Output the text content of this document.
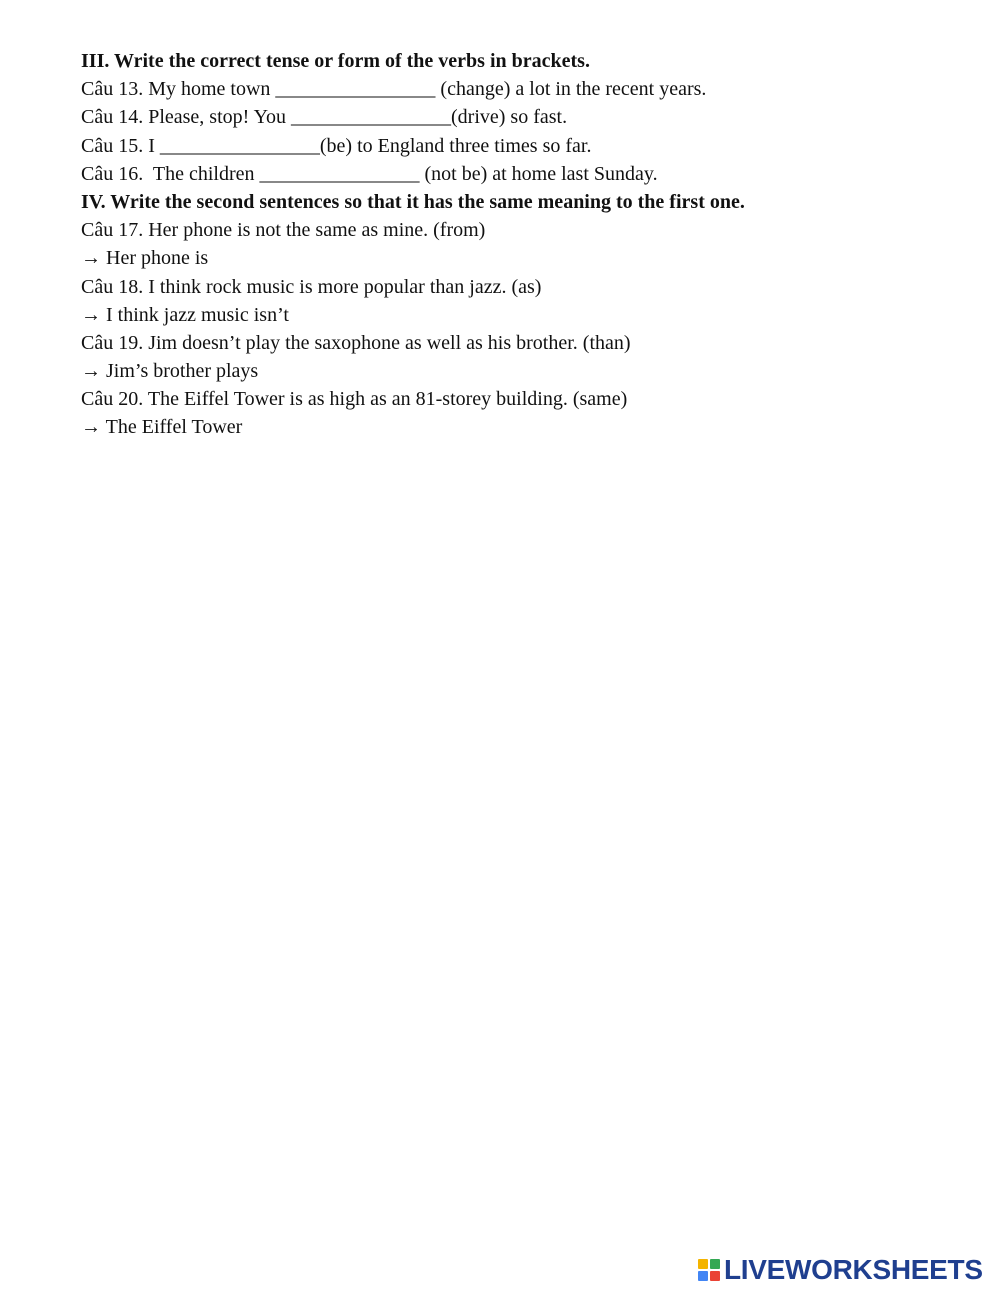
III. Write the correct tense or form of the verbs in brackets.
Câu 13. My home town ________________ (change) a lot in the recent years.
Câu 14. Please, stop! You ________________(drive) so fast.
Câu 15. I ________________(be) to England three times so far.
Câu 16.  The children ________________ (not be) at home last Sunday.
IV. Write the second sentences so that it has the same meaning to the first one.
Câu 17. Her phone is not the same as mine. (from)
→ Her phone is
Câu 18. I think rock music is more popular than jazz. (as)
→ I think jazz music isn’t
Câu 19. Jim doesn’t play the saxophone as well as his brother. (than)
→ Jim’s brother plays
Câu 20. The Eiffel Tower is as high as an 81-storey building. (same)
→ The Eiffel Tower
LIVEWORKSHEETS
